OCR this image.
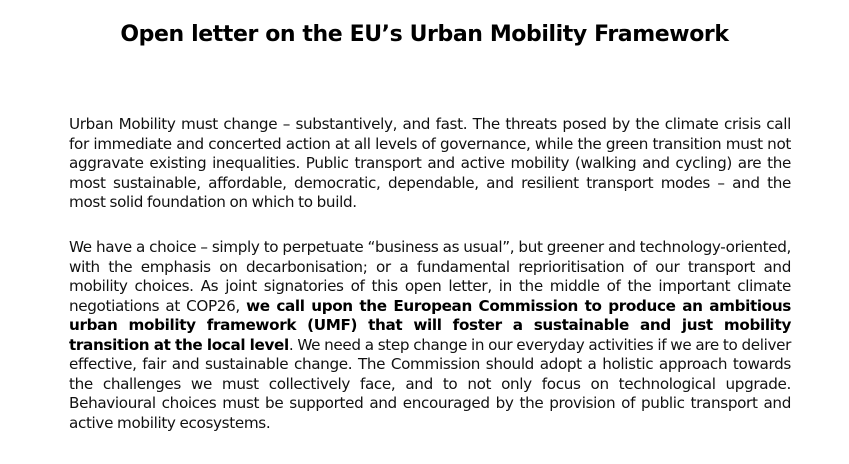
Open letter on the EU’s Urban Mobility Framework

Urban Mobility must change – substantively, and fast. The threats posed by the climate crisis call for immediate and concerted action at all levels of governance, while the green transition must not aggravate existing inequalities. Public transport and active mobility (walking and cycling) are the most sustainable, affordable, democratic, dependable, and resilient transport modes – and the most solid foundation on which to build.

We have a choice – simply to perpetuate “business as usual”, but greener and technology-oriented, with the emphasis on decarbonisation; or a fundamental reprioritisation of our transport and mobility choices. As joint signatories of this open letter, in the middle of the important climate negotiations at COP26, we call upon the European Commission to produce an ambitious urban mobility framework (UMF) that will foster a sustainable and just mobility transition at the local level. We need a step change in our everyday activities if we are to deliver effective, fair and sustainable change. The Commission should adopt a holistic approach towards the challenges we must collectively face, and to not only focus on technological upgrade. Behavioural choices must be supported and encouraged by the provision of public transport and active mobility ecosystems.
